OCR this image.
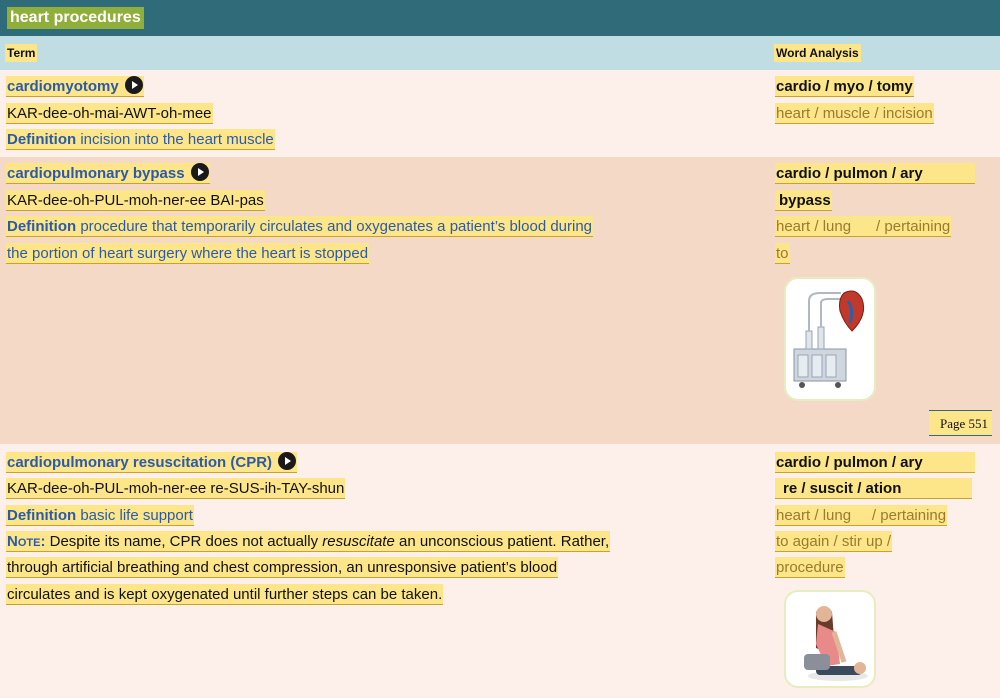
heart procedures
Term	Word Analysis
cardiomyotomy
KAR-dee-oh-mai-AWT-oh-mee
Definition incision into the heart muscle
cardio / myo / tomy
heart / muscle / incision
cardiopulmonary bypass
KAR-dee-oh-PUL-moh-ner-ee BAI-pas
Definition procedure that temporarily circulates and oxygenates a patient’s blood during
the portion of heart surgery where the heart is stopped
cardio / pulmon / ary
bypass
heart / lung      / pertaining
to
Page 551
cardiopulmonary resuscitation (CPR)
KAR-dee-oh-PUL-moh-ner-ee re-SUS-ih-TAY-shun
Definition basic life support
Note: Despite its name, CPR does not actually resuscitate an unconscious patient. Rather,
through artificial breathing and chest compression, an unresponsive patient’s blood
circulates and is kept oxygenated until further steps can be taken.
cardio / pulmon / ary
re / suscit / ation
heart / lung     / pertaining
to again / stir up /
procedure
